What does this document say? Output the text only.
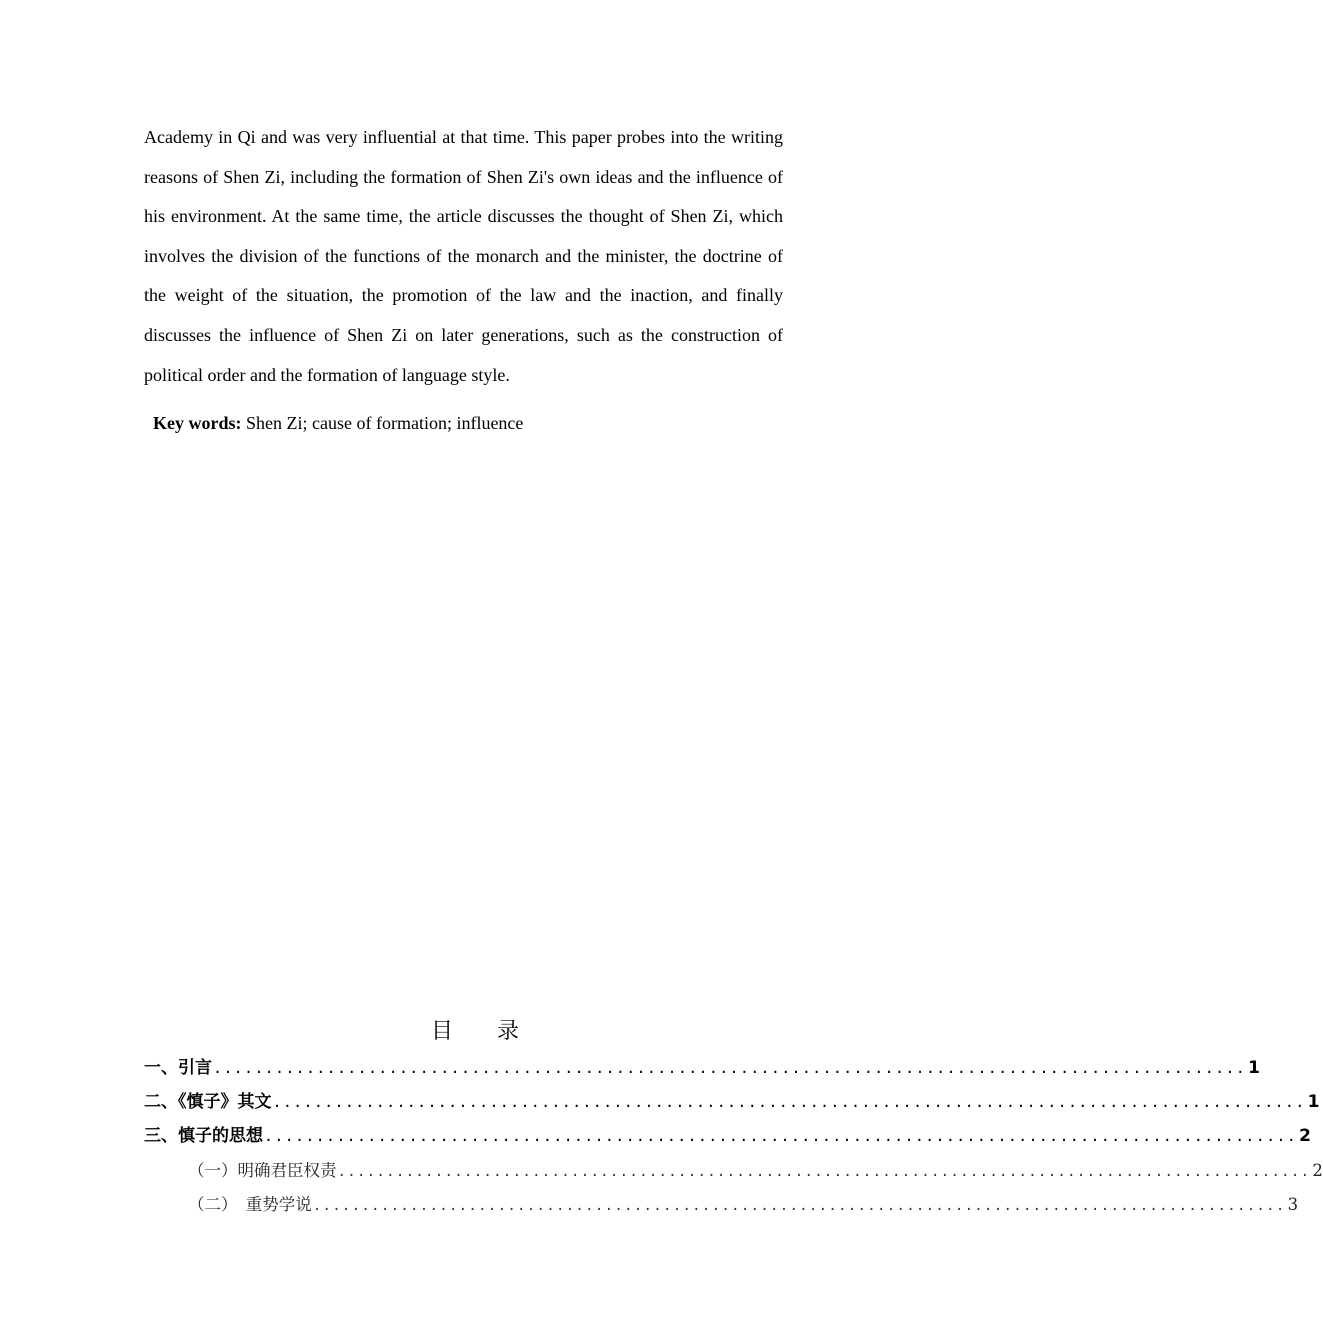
Academy in Qi and was very influential at that time. This paper probes into the writing reasons of Shen Zi, including the formation of Shen Zi's own ideas and the influence of his environment. At the same time, the article discusses the thought of Shen Zi, which involves the division of the functions of the monarch and the minister, the doctrine of the weight of the situation, the promotion of the law and the inaction, and finally discusses the influence of Shen Zi on later generations, such as the construction of political order and the formation of language style.

Key words: Shen Zi; cause of formation; influence
目 录
一、引言 .................................................................................................... 1
二、《慎子》其文 .................................................................................................... 1
三、慎子的思想 .................................................................................................... 2
（一）明确君臣权责 .................................................................................................... 2
（二）　重势学说 .................................................................................................... 3
